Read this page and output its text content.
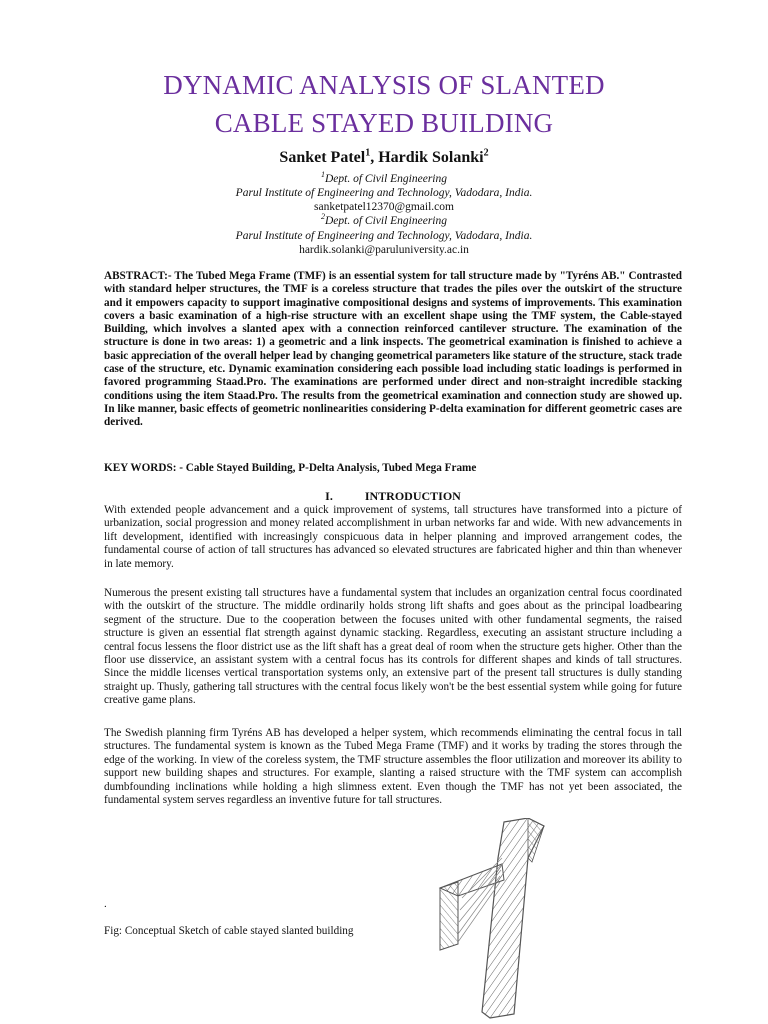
DYNAMIC ANALYSIS OF SLANTED
CABLE STAYED BUILDING
Sanket Patel$^1$, Hardik Solanki$^2$
$^1$Dept. of Civil Engineering
Parul Institute of Engineering and Technology, Vadodara, India.
sanketpatel12370@gmail.com
$^2$Dept. of Civil Engineering
Parul Institute of Engineering and Technology, Vadodara, India.
hardik.solanki@paruluniversity.ac.in

ABSTRACT:- The Tubed Mega Frame (TMF) is an essential system for tall structure made by "Tyréns AB." Contrasted with standard helper structures, the TMF is a coreless structure that trades the piles over the outskirt of the structure and it empowers capacity to support imaginative compositional designs and systems of improvements. This examination covers a basic examination of a high-rise structure with an excellent shape using the TMF system, the Cable-stayed Building, which involves a slanted apex with a connection reinforced cantilever structure. The examination of the structure is done in two areas: 1) a geometric and a link inspects. The geometrical examination is finished to achieve a basic appreciation of the overall helper lead by changing geometrical parameters like stature of the structure, stack trade case of the structure, etc. Dynamic examination considering each possible load including static loadings is performed in favored programming Staad.Pro. The examinations are performed under direct and non-straight incredible stacking conditions using the item Staad.Pro. The results from the geometrical examination and connection study are showed up. In like manner, basic effects of geometric nonlinearities considering P-delta examination for different geometric cases are derived.

KEY WORDS: - Cable Stayed Building, P-Delta Analysis, Tubed Mega Frame

I.	INTRODUCTION

With extended people advancement and a quick improvement of systems, tall structures have transformed into a picture of urbanization, social progression and money related accomplishment in urban networks far and wide. With new advancements in lift development, identified with increasingly conspicuous data in helper planning and improved arrangement codes, the fundamental course of action of tall structures has advanced so elevated structures are fabricated higher and thin than whenever in late memory.

Numerous the present existing tall structures have a fundamental system that includes an organization central focus coordinated with the outskirt of the structure. The middle ordinarily holds strong lift shafts and goes about as the principal loadbearing segment of the structure. Due to the cooperation between the focuses united with other fundamental segments, the raised structure is given an essential flat strength against dynamic stacking. Regardless, executing an assistant structure including a central focus lessens the floor district use as the lift shaft has a great deal of room when the structure gets higher. Other than the floor use disservice, an assistant system with a central focus has its controls for different shapes and kinds of tall structures. Since the middle licenses vertical transportation systems only, an extensive part of the present tall structures is dully standing straight up. Thusly, gathering tall structures with the central focus likely won't be the best essential system while going for future creative game plans.

The Swedish planning firm Tyréns AB has developed a helper system, which recommends eliminating the central focus in tall structures. The fundamental system is known as the Tubed Mega Frame (TMF) and it works by trading the stores through the edge of the working. In view of the coreless system, the TMF structure assembles the floor utilization and moreover its ability to support new building shapes and structures. For example, slanting a raised structure with the TMF system can accomplish dumbfounding inclinations while holding a high slimness extent. Even though the TMF has not yet been associated, the fundamental system serves regardless an inventive future for tall structures.

.
Fig: Conceptual Sketch of cable stayed slanted building
